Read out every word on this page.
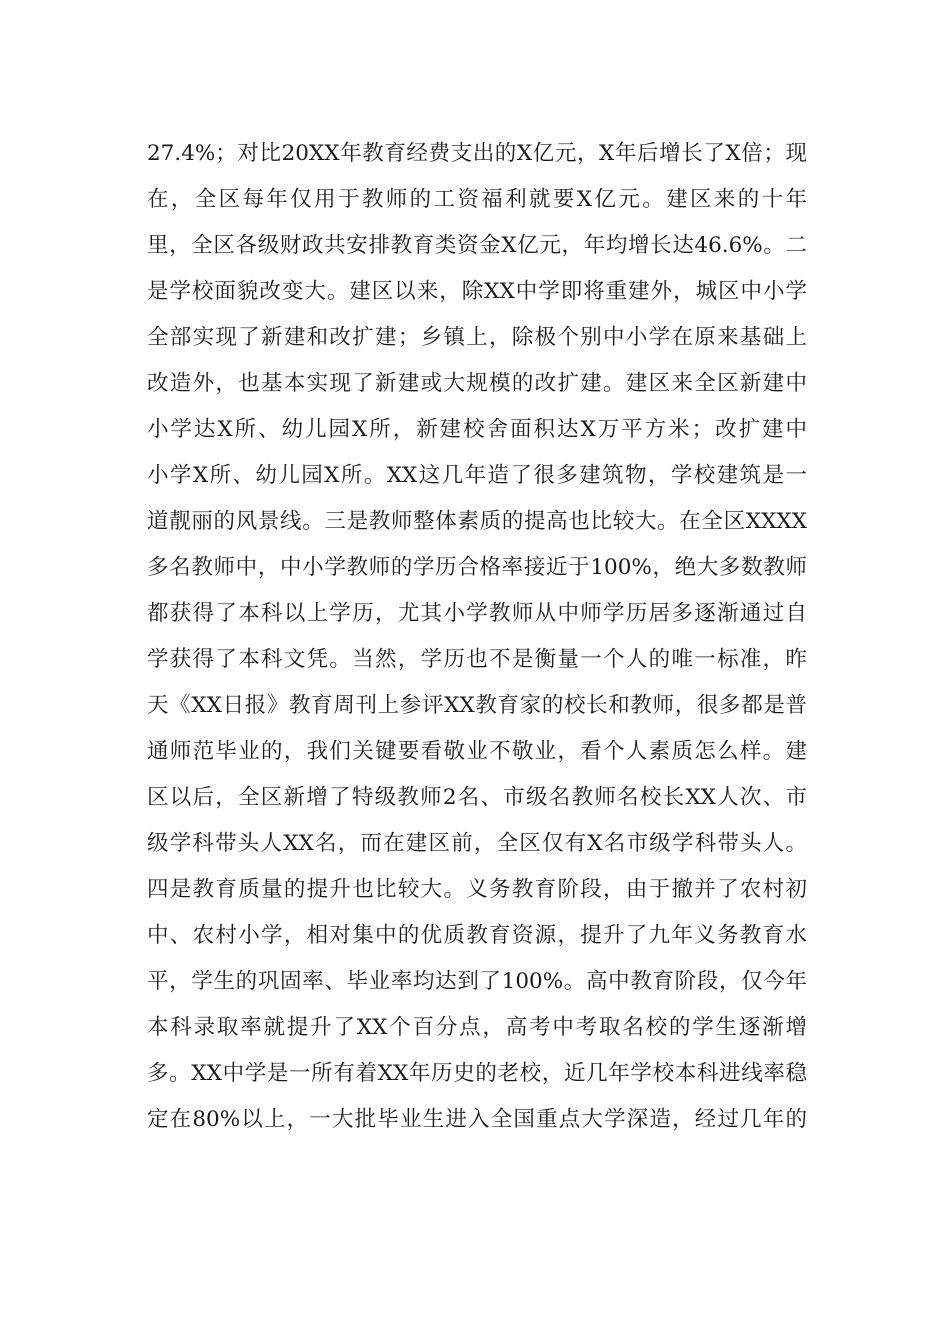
27.4%；对比20XX年教育经费支出的X亿元，X年后增长了X倍；现
在，全区每年仅用于教师的工资福利就要X亿元。建区来的十年
里，全区各级财政共安排教育类资金X亿元，年均增长达46.6%。二
是学校面貌改变大。建区以来，除XX中学即将重建外，城区中小学
全部实现了新建和改扩建；乡镇上，除极个别中小学在原来基础上
改造外，也基本实现了新建或大规模的改扩建。建区来全区新建中
小学达X所、幼儿园X所，新建校舍面积达X万平方米；改扩建中
小学X所、幼儿园X所。XX这几年造了很多建筑物，学校建筑是一
道靓丽的风景线。三是教师整体素质的提高也比较大。在全区XXXX
多名教师中，中小学教师的学历合格率接近于100%，绝大多数教师
都获得了本科以上学历，尤其小学教师从中师学历居多逐渐通过自
学获得了本科文凭。当然，学历也不是衡量一个人的唯一标准，昨
天《XX日报》教育周刊上参评XX教育家的校长和教师，很多都是普
通师范毕业的，我们关键要看敬业不敬业，看个人素质怎么样。建
区以后，全区新增了特级教师2名、市级名教师名校长XX人次、市
级学科带头人XX名，而在建区前，全区仅有X名市级学科带头人。
四是教育质量的提升也比较大。义务教育阶段，由于撤并了农村初
中、农村小学，相对集中的优质教育资源，提升了九年义务教育水
平，学生的巩固率、毕业率均达到了100%。高中教育阶段，仅今年
本科录取率就提升了XX个百分点，高考中考取名校的学生逐渐增
多。XX中学是一所有着XX年历史的老校，近几年学校本科进线率稳
定在80%以上，一大批毕业生进入全国重点大学深造，经过几年的
